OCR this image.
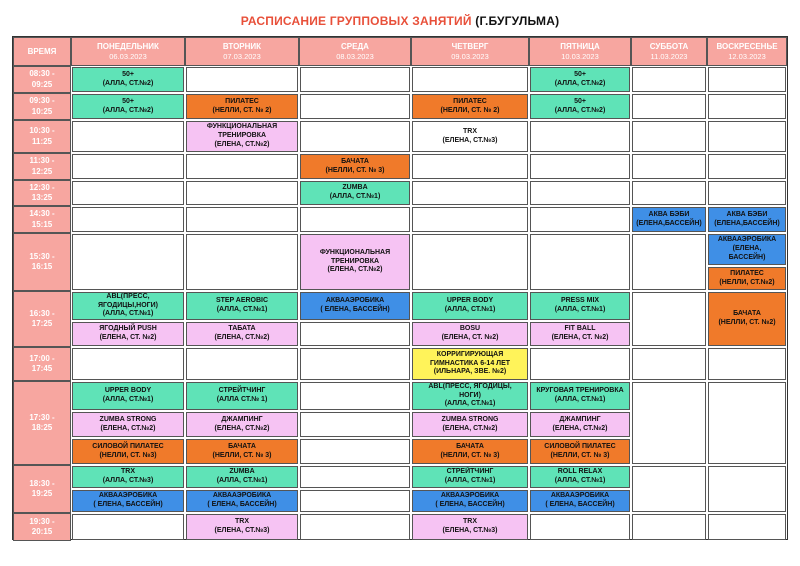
РАСПИСАНИЕ ГРУППОВЫХ ЗАНЯТИЙ (Г.БУГУЛЬМА)
ВРЕМЯ
ПОНЕДЕЛЬНИК
06.03.2023
ВТОРНИК
07.03.2023
СРЕДА
08.03.2023
ЧЕТВЕРГ
09.03.2023
ПЯТНИЦА
10.03.2023
СУББОТА
11.03.2023
ВОСКРЕСЕНЬЕ
12.03.2023
08:30 -
09:25
09:30 -
10:25
10:30 -
11:25
11:30 -
12:25
12:30 -
13:25
14:30 -
15:15
15:30 -
16:15
16:30 -
17:25
17:00 -
17:45
17:30 -
18:25
18:30 -
19:25
19:30 -
20:15
50+
(АЛЛА, СТ.№2)
50+
(АЛЛА, СТ.№2)
50+
(АЛЛА, СТ.№2)
ПИЛАТЕС
(НЕЛЛИ, СТ. № 2)
ПИЛАТЕС
(НЕЛЛИ, СТ. № 2)
50+
(АЛЛА, СТ.№2)
ФУНКЦИОНАЛЬНАЯ
ТРЕНИРОВКА
(ЕЛЕНА, СТ.№2)
TRX
(ЕЛЕНА, СТ.№3)
БАЧАТА
(НЕЛЛИ, СТ. № 3)
ZUMBA
(АЛЛА, СТ.№1)
АКВА БЭБИ
(ЕЛЕНА,БАССЕЙН)
АКВА БЭБИ
(ЕЛЕНА,БАССЕЙН)
ФУНКЦИОНАЛЬНАЯ
ТРЕНИРОВКА
(ЕЛЕНА, СТ.№2)
АКВААЭРОБИКА
(ЕЛЕНА,
БАССЕЙН)
ПИЛАТЕС
(НЕЛЛИ, СТ.№2)
ABL(ПРЕСС,
ЯГОДИЦЫ,НОГИ)
(АЛЛА, СТ.№1)
ЯГОДНЫЙ PUSH
(ЕЛЕНА, СТ. №2)
STEP AEROBIC
(АЛЛА, СТ.№1)
ТАБАТА
(ЕЛЕНА, СТ.№2)
АКВААЭРОБИКА
( ЕЛЕНА, БАССЕЙН)
UPPER BODY
(АЛЛА, СТ.№1)
BOSU
(ЕЛЕНА, СТ. №2)
PRESS MIX
(АЛЛА, СТ.№1)
FIT BALL
(ЕЛЕНА, СТ. №2)
БАЧАТА
(НЕЛЛИ, СТ. №2)
КОРРИГИРУЮЩАЯ
ГИМНАСТИКА 6-14 ЛЕТ
(ИЛЬНАРА, ЗВЕ. №2)
UPPER BODY
(АЛЛА, СТ.№1)
ZUMBA STRONG
(ЕЛЕНА, СТ.№2)
СИЛОВОЙ ПИЛАТЕС
(НЕЛЛИ, СТ. №3)
СТРЕЙТЧИНГ
(АЛЛА СТ.№ 1)
ДЖАМПИНГ
(ЕЛЕНА, СТ.№2)
БАЧАТА
(НЕЛЛИ, СТ. № 3)
ABL(ПРЕСС, ЯГОДИЦЫ,
НОГИ)
(АЛЛА, СТ.№1)
ZUMBA STRONG
(ЕЛЕНА, СТ.№2)
БАЧАТА
(НЕЛЛИ, СТ. № 3)
КРУГОВАЯ ТРЕНИРОВКА
(АЛЛА, СТ.№1)
ДЖАМПИНГ
(ЕЛЕНА, СТ.№2)
СИЛОВОЙ ПИЛАТЕС
(НЕЛЛИ, СТ. № 3)
TRX
(АЛЛА, СТ.№3)
АКВААЭРОБИКА
( ЕЛЕНА, БАССЕЙН)
ZUMBA
(АЛЛА, СТ.№1)
АКВААЭРОБИКА
( ЕЛЕНА, БАССЕЙН)
СТРЕЙТЧИНГ
(АЛЛА, СТ.№1)
АКВААЭРОБИКА
( ЕЛЕНА, БАССЕЙН)
ROLL RELAX
(АЛЛА, СТ.№1)
АКВААЭРОБИКА
( ЕЛЕНА, БАССЕЙН)
TRX
(ЕЛЕНА, СТ.№3)
TRX
(ЕЛЕНА, СТ.№3)
